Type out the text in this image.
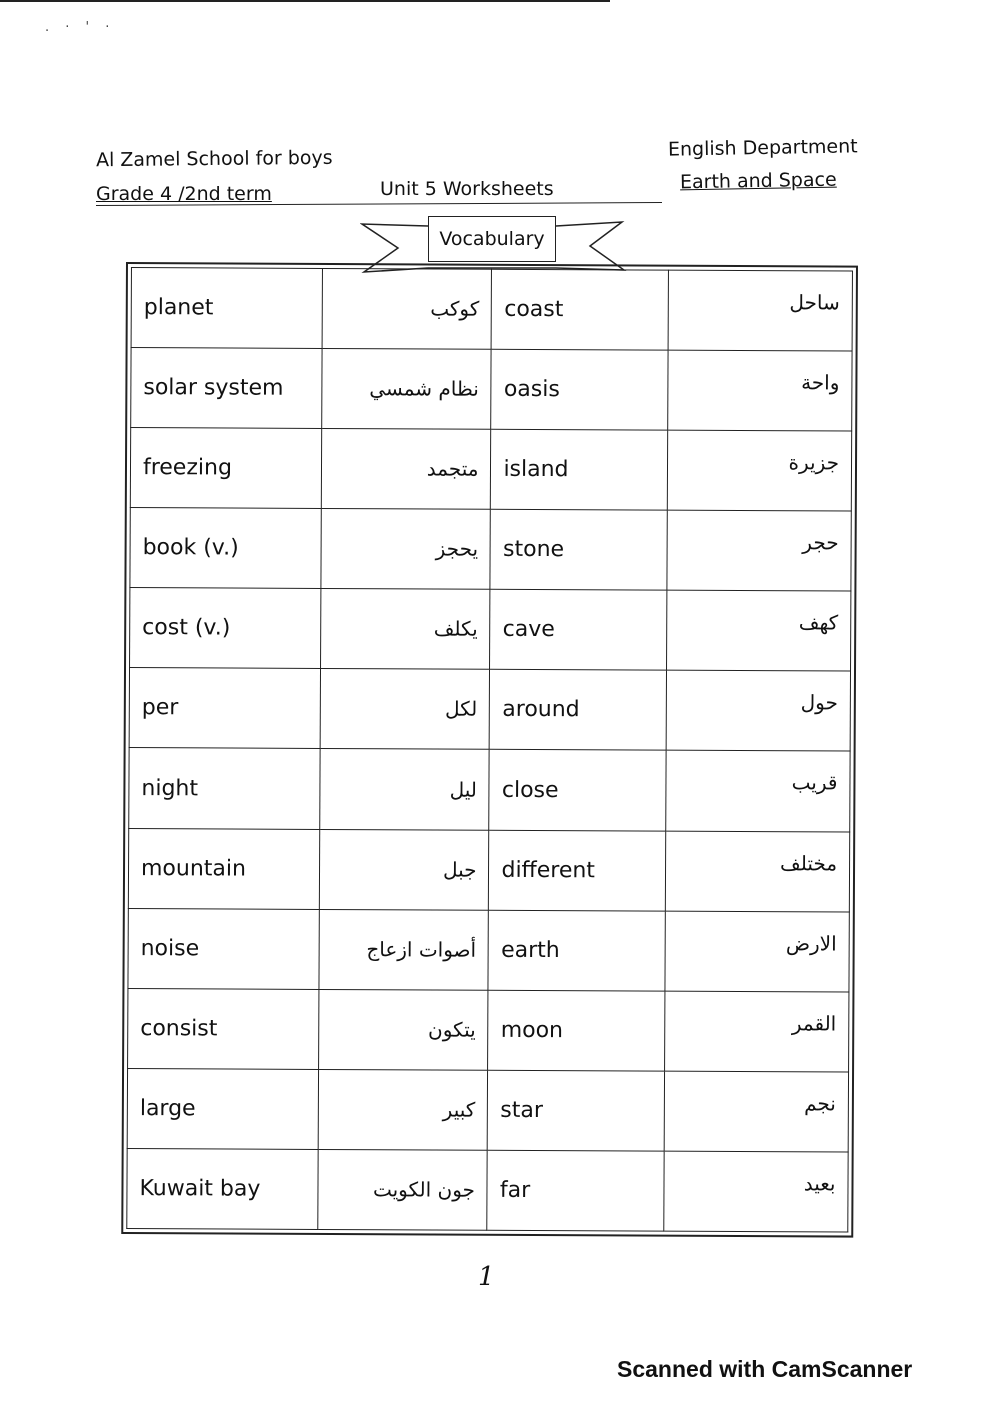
. · ' ·
Al Zamel School for boys
Grade 4 /2nd term	Unit 5 Worksheets
English Department
Earth and Space
Vocabulary
planet	كوكب	coast	ساحل
solar system	نظام شمسي	oasis	واحة
freezing	متجمد	island	جزيرة
book (v.)	يحجز	stone	حجر
cost (v.)	يكلف	cave	كهف
per	لكل	around	حول
night	ليل	close	قريب
mountain	جبل	different	مختلف
noise	أصوات ازعاج	earth	الارض
consist	يتكون	moon	القمر
large	كبير	star	نجم
Kuwait bay	جون الكويت	far	بعيد
1
Scanned with CamScanner
